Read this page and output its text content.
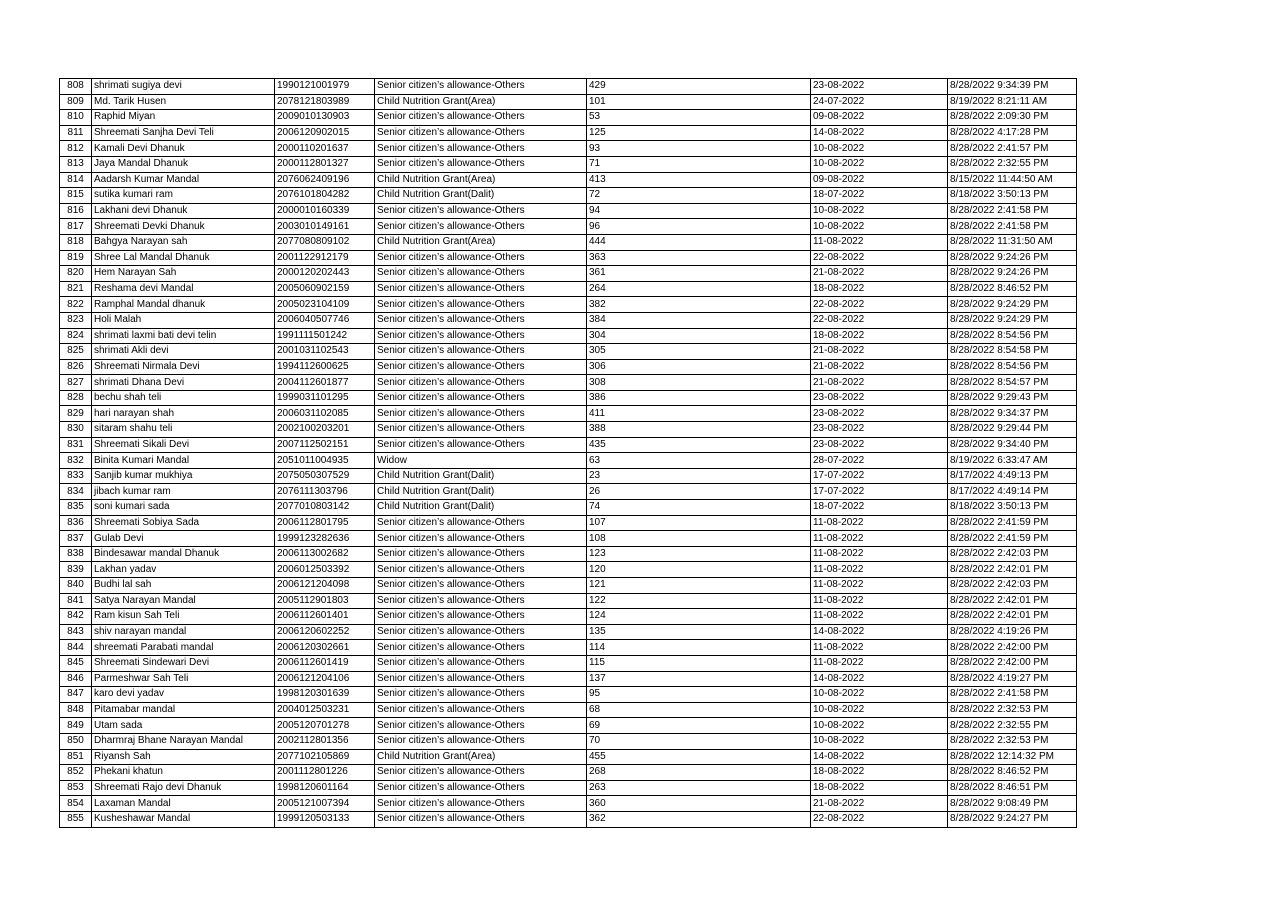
808	shrimati sugiya devi	1990121001979	Senior citizen’s allowance-Others	429	23-08-2022	8/28/2022 9:34:39 PM
809	Md. Tarik Husen	2078121803989	Child Nutrition Grant(Area)	101	24-07-2022	8/19/2022 8:21:11 AM
810	Raphid Miyan	2009010130903	Senior citizen’s allowance-Others	53	09-08-2022	8/28/2022 2:09:30 PM
811	Shreemati Sanjha Devi Teli	2006120902015	Senior citizen’s allowance-Others	125	14-08-2022	8/28/2022 4:17:28 PM
812	Kamali Devi Dhanuk	2000110201637	Senior citizen’s allowance-Others	93	10-08-2022	8/28/2022 2:41:57 PM
813	Jaya Mandal Dhanuk	2000112801327	Senior citizen’s allowance-Others	71	10-08-2022	8/28/2022 2:32:55 PM
814	Aadarsh Kumar Mandal	2076062409196	Child Nutrition Grant(Area)	413	09-08-2022	8/15/2022 11:44:50 AM
815	sutika kumari ram	2076101804282	Child Nutrition Grant(Dalit)	72	18-07-2022	8/18/2022 3:50:13 PM
816	Lakhani devi Dhanuk	2000010160339	Senior citizen’s allowance-Others	94	10-08-2022	8/28/2022 2:41:58 PM
817	Shreemati Devki Dhanuk	2003010149161	Senior citizen’s allowance-Others	96	10-08-2022	8/28/2022 2:41:58 PM
818	Bahgya Narayan sah	2077080809102	Child Nutrition Grant(Area)	444	11-08-2022	8/28/2022 11:31:50 AM
819	Shree Lal Mandal Dhanuk	2001122912179	Senior citizen’s allowance-Others	363	22-08-2022	8/28/2022 9:24:26 PM
820	Hem Narayan Sah	2000120202443	Senior citizen’s allowance-Others	361	21-08-2022	8/28/2022 9:24:26 PM
821	Reshama devi Mandal	2005060902159	Senior citizen’s allowance-Others	264	18-08-2022	8/28/2022 8:46:52 PM
822	Ramphal Mandal dhanuk	2005023104109	Senior citizen’s allowance-Others	382	22-08-2022	8/28/2022 9:24:29 PM
823	Holi Malah	2006040507746	Senior citizen’s allowance-Others	384	22-08-2022	8/28/2022 9:24:29 PM
824	shrimati laxmi bati devi telin	1991111501242	Senior citizen’s allowance-Others	304	18-08-2022	8/28/2022 8:54:56 PM
825	shrimati Akli devi	2001031102543	Senior citizen’s allowance-Others	305	21-08-2022	8/28/2022 8:54:58 PM
826	Shreemati Nirmala Devi	1994112600625	Senior citizen’s allowance-Others	306	21-08-2022	8/28/2022 8:54:56 PM
827	shrimati Dhana Devi	2004112601877	Senior citizen’s allowance-Others	308	21-08-2022	8/28/2022 8:54:57 PM
828	bechu shah teli	1999031101295	Senior citizen’s allowance-Others	386	23-08-2022	8/28/2022 9:29:43 PM
829	hari narayan shah	2006031102085	Senior citizen’s allowance-Others	411	23-08-2022	8/28/2022 9:34:37 PM
830	sitaram shahu teli	2002100203201	Senior citizen’s allowance-Others	388	23-08-2022	8/28/2022 9:29:44 PM
831	Shreemati Sikali Devi	2007112502151	Senior citizen’s allowance-Others	435	23-08-2022	8/28/2022 9:34:40 PM
832	Binita Kumari Mandal	2051011004935	Widow	63	28-07-2022	8/19/2022 6:33:47 AM
833	Sanjib kumar mukhiya	2075050307529	Child Nutrition Grant(Dalit)	23	17-07-2022	8/17/2022 4:49:13 PM
834	jibach kumar ram	2076111303796	Child Nutrition Grant(Dalit)	26	17-07-2022	8/17/2022 4:49:14 PM
835	soni kumari sada	2077010803142	Child Nutrition Grant(Dalit)	74	18-07-2022	8/18/2022 3:50:13 PM
836	Shreemati Sobiya Sada	2006112801795	Senior citizen’s allowance-Others	107	11-08-2022	8/28/2022 2:41:59 PM
837	Gulab Devi	1999123282636	Senior citizen’s allowance-Others	108	11-08-2022	8/28/2022 2:41:59 PM
838	Bindesawar mandal Dhanuk	2006113002682	Senior citizen’s allowance-Others	123	11-08-2022	8/28/2022 2:42:03 PM
839	Lakhan yadav	2006012503392	Senior citizen’s allowance-Others	120	11-08-2022	8/28/2022 2:42:01 PM
840	Budhi lal sah	2006121204098	Senior citizen’s allowance-Others	121	11-08-2022	8/28/2022 2:42:03 PM
841	Satya Narayan Mandal	2005112901803	Senior citizen’s allowance-Others	122	11-08-2022	8/28/2022 2:42:01 PM
842	Ram kisun Sah Teli	2006112601401	Senior citizen’s allowance-Others	124	11-08-2022	8/28/2022 2:42:01 PM
843	shiv narayan mandal	2006120602252	Senior citizen’s allowance-Others	135	14-08-2022	8/28/2022 4:19:26 PM
844	shreemati Parabati mandal	2006120302661	Senior citizen’s allowance-Others	114	11-08-2022	8/28/2022 2:42:00 PM
845	Shreemati Sindewari Devi	2006112601419	Senior citizen’s allowance-Others	115	11-08-2022	8/28/2022 2:42:00 PM
846	Parmeshwar Sah Teli	2006121204106	Senior citizen’s allowance-Others	137	14-08-2022	8/28/2022 4:19:27 PM
847	karo devi yadav	1998120301639	Senior citizen’s allowance-Others	95	10-08-2022	8/28/2022 2:41:58 PM
848	Pitamabar mandal	2004012503231	Senior citizen’s allowance-Others	68	10-08-2022	8/28/2022 2:32:53 PM
849	Utam sada	2005120701278	Senior citizen’s allowance-Others	69	10-08-2022	8/28/2022 2:32:55 PM
850	Dharmraj Bhane Narayan Mandal	2002112801356	Senior citizen’s allowance-Others	70	10-08-2022	8/28/2022 2:32:53 PM
851	Riyansh Sah	2077102105869	Child Nutrition Grant(Area)	455	14-08-2022	8/28/2022 12:14:32 PM
852	Phekani khatun	2001112801226	Senior citizen’s allowance-Others	268	18-08-2022	8/28/2022 8:46:52 PM
853	Shreemati Rajo devi Dhanuk	1998120601164	Senior citizen’s allowance-Others	263	18-08-2022	8/28/2022 8:46:51 PM
854	Laxaman Mandal	2005121007394	Senior citizen’s allowance-Others	360	21-08-2022	8/28/2022 9:08:49 PM
855	Kusheshawar Mandal	1999120503133	Senior citizen’s allowance-Others	362	22-08-2022	8/28/2022 9:24:27 PM
